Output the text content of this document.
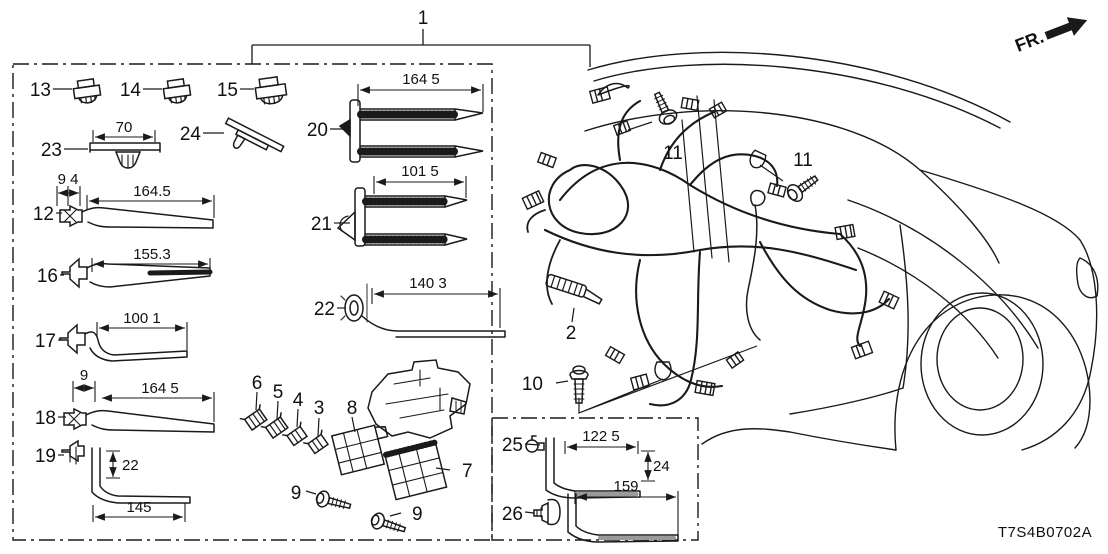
70
9 4
164.5
155.3
100 1
9
164 5
22
145
164 5
101 5
140 3
122 5
24
159
1
2
3
4
5
6
7
8
9
9
10
11	11
12
13	14	15
16
17
18
19
20
21
22
23
24
25
26
FR.
T7S4B0702A
